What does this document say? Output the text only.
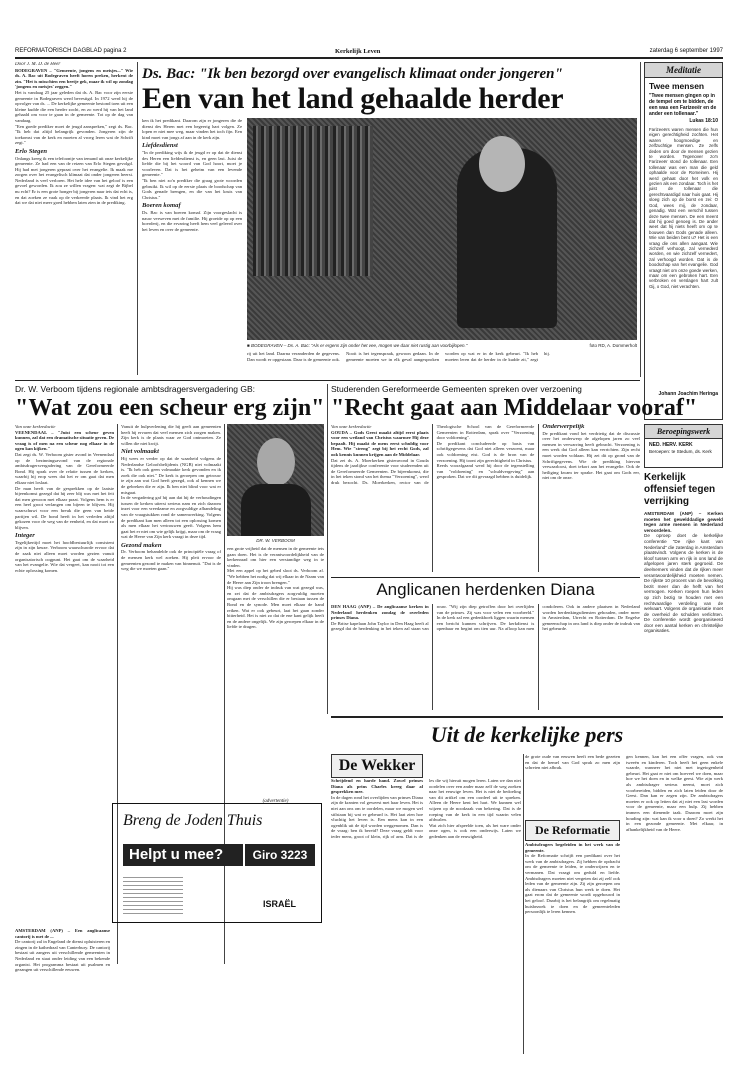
REFORMATORISCH DAGBLAD pagina 2	Kerkelijk Leven	zaterdag 6 september 1997
Door J. M. D. de Heer
BODEGRAVEN – "Gemeente, jongens en meisjes..." Wie ds. A. Bac uit Bodegraven heeft horen preken, herkent de zin. "Het is misschien een beetje gek, maar ik wil op zondag 'jongens en meisjes' zeggen."
Het is vandaag 25 jaar geleden dat ds. A. Bac voor zijn eerste gemeente in Bodegraven werd bevestigd. In 1972 werd hij de opvolger van ds. ... De kerkelijke gemeente bestond toen uit een kleine kudde die een herder zocht, en zo werd hij van het land gehaald om voor te gaan in de gemeente. Tot op de dag van vandaag.
"Een goede prediker moet de jeugd aanspreken," zegt ds. Bac. "Ik heb dat altijd belangrijk gevonden. Jongeren zijn de toekomst van de kerk en moeten al vroeg leren wat de Schrift zegt."
Erlo Stegen
Onlangs kreeg ik een telefoontje van iemand uit onze kerkelijke gemeente. Ze had een van de reizen van Erlo Stegen gevolgd. Hij had met jongeren gepraat over het evangelie. Ik maak me zorgen over het evangelisch klimaat dat onder jongeren heerst. Nederland is veel verloren. Het hele idee van het geloof is een gevoel geworden. Ik zou ze willen vragen: wat zegt de Bijbel nu echt? Er is een grote honger bij jongeren naar iets dat echt is, en dat zoeken ze vaak op de verkeerde plaats. Ik vind het erg dat we dat niet meer goed hebben laten zien in de prediking.
Ds. Bac: "Ik ben bezorgd over evangelisch klimaat onder jongeren"
Een van het land gehaalde herder
ken ik het predikant. Daarom zijn er jongeren die de dienst des Heren met een begeerig hart volgen. Ze lopen er niet mee weg, maar vinden het toch fijn. Een kind moet van jongs af aan in de kerk zijn.
Liefdesdienst
"In de prediking wijs ik de jeugd er op dat de dienst des Heren een liefdesdienst is, en geen last. Juist de liefde die bij het woord van God hoort, moet je voorleven. Dat is het geheim van een levende gemeente."
"Ik ben niet zo'n prediker die graag grote woorden gebruikt. Ik wil op de eerste plaats de boodschap van Gods genade brengen, en die van het kruis van Christus."
Boeren komaf
Ds. Bac is van boeren komaf. Zijn voorgeslacht is nauw verweven met de familie. Hij groeide op op een boerderij, en die ervaring heeft hem veel geleerd over het leven en over de gemeente.
■ BODEGRAVEN – Ds. A. Bac: "Als er ergens zijn onder het vee, mogen we daar niet rustig aan voorbijlopen."	foto RD, A. Dommerholt
rij uit het land. Daarna veranderden de gegevens. Dan wordt er opgestaan. Daar is de gemeente ook. Nooit is het tegenspraak, gewoon gedaan. In de gemeente moeten we in elk geval aangesproken worden op wat er in de kerk gebeurt. "Ik heb moeten leren dat de herder in de kudde zit," zegt hij.
Meditatie
Twee mensen
"Twee mensen gingen op in de tempel om te bidden, de een was een Farizeeër en de ander een tollenaar."
Lukas 18:10
Farizeeërs waren mensen die hun eigen gerechtigheid zochten. Het waren hoogmoedige en zelfzuchtige mensen. Ze zelfs deden om door de mensen gezien te worden. Tegenover zo'n Farizeeër stond de tollenaar. Een tollenaar was een man die geld ophaalde voor de Romeinen. Hij werd gehaat door het volk en gezien als een zondaar. Toch is het juist de tollenaar die gerechtvaardigd naar huis gaat. Hij sloeg zich op de borst en zei: O God, wees mij, de zondaar, genadig. Wat een verschil tussen deze twee mensen. De een meent dat hij goed genoeg is. De ander weet dat hij niets heeft om op te bouwen dan Gods genade alleen. Wie van beiden bent u? Het is een vraag die ons allen aangaat. Wie zichzelf verhoogt, zal vernederd worden, en wie zichzelf vernedert, zal verhoogd worden. Dat is de boodschap van het evangelie. God vraagt niet om onze goede werken, maar om een gebroken hart. Een verbroken en verslagen hart zult Gij, o God, niet verachten.
Johann Joachim Heringa
Beroepingswerk
NED. HERV. KERK
Beroepen: te Stedum, ds. Kerk
Kerkelijk offensief tegen verrijking
AMSTERDAM (ANP) – Kerken moeten het gewelddadige geweld tegen arme mensen in Nederland veroordelen.
De oproep doet de kerkelijke conferentie "De rijke kant van Nederland" die zaterdag in Amsterdam plaatsvindt. Volgens de kerken is de kloof tussen arm en rijk in ons land de afgelopen jaren sterk gegroeid. De deelnemers vinden dat de rijken meer verantwoordelijkheid moeten nemen. De rijkste 10 procent van de bevolking bezit meer dan de helft van het vermogen. Kerken roepen hun leden op zich bezig te houden met een rechtvaardige verdeling van de welvaart. Volgens de organisatie moet de overheid de schulden verlichten. De conferentie wordt georganiseerd door een aantal kerken en christelijke organisaties.
Dr. W. Verboom tijdens regionale ambtsdragersvergadering GB:
"Wat zou een scheur erg zijn"
Van onze kerkredactie
VEENENDAAL – "Juist een scheur geven kunnen, zal dat een dramatische situatie geven. De vraag is of men na een scheur nog elkaar in de ogen kan kijken."
Dat zegt ds. W. Verboom gister avond in Veenendaal op de bezinningsavond van de regionale ambtsdragersvergadering van de Gereformeerde Bond. Hij sprak over de relatie tussen de kerken, waarbij hij erop wees dat het er om gaat dat men elkaar niet loslaat.
De man heeft van de gesprekken op de laatste bijeenkomst gezegd dat hij zeer blij was met het feit dat men gewoon met elkaar praat. Volgens hem is er een heel groot verlangen om bijeen te blijven. Hij waarschuwt voor een breuk die geen van beide partijen wil. De bond heeft in het verleden altijd gekozen voor de weg van de eenheid, en dat moet zo blijven.
Integer
Tegelijkertijd moet het hoofdbestuurlijk consistent zijn in zijn keuze. Verboom waarschuwde ervoor dat de zaak niet alleen moet worden gezien vanuit organisatorisch oogpunt. Het gaat om de waarheid van het evangelie. Wie dat vergeet, kan nooit tot een echte oplossing komen.
Vanuit de hulpverlening die hij geeft aan gemeenten heeft hij ervaren dat veel mensen zich zorgen maken. Zijn kerk is de plaats waar ze God ontmoeten. Ze willen die niet kwijt.
Niet volmaakt
Hij wees er verder op dat de waarheid volgens de Nederlandse Geloofsbelijdenis (NGB) niet volmaakt is. "Ik heb ook geen volmaakte kerk gevonden en ik zoek die ook niet." De kerk is geroepen om getrouw te zijn aan wat God heeft gezegd, ook al kennen we de gebreken die er zijn. Ik ben niet blind voor wat er misgaat.
In de vergadering gaf hij aan dat hij de verhoudingen tussen de kerken uiterst serieus nam en zich daarom inzet voor een vreedzame en zorgvuldige afhandeling van de vraagstukken rond de samenwerking. Volgens de predikant kan men alleen tot een oplossing komen als men elkaar het vertrouwen geeft. Volgens hem gaat het er niet om wie gelijk krijgt, maar om de vraag wat de Heere van Zijn kerk vraagt in deze tijd.
Gezond maken
Dr. Verboom behandelde ook de principiële vraag of de mensen kerk wel zoeken. Hij pleit ervoor de gemeenten gezond te maken van binnenuit. "Dat is de weg die we moeten gaan."
DR. W. VERBOOM
een grote vrijheid dat de mensen in de gemeente iets gaan doen. Het is de verantwoordelijkheid van de kerkenraad om hier een verstandige weg in te vinden.
Met een appel op het gebed sloot ds. Verboom af. "We hebben het nodig dat wij elkaar in de Naam van de Heere aan Zijn troon brengen."
Hij was diep onder de indruk van wat gezegd was, en zei dat de ambtsdragers zorgvuldig moeten omgaan met de verschillen die er bestaan tussen de Bond en de synode. Men moet elkaar de hand reiken. Wat er ook gebeurt, laat het gaan zonder bitterheid. Het is niet zo dat de ene kant gelijk heeft en de andere ongelijk. We zijn geroepen elkaar in de liefde te dragen.
(advertentie)
Studerenden Gereformeerde Gemeenten spreken over verzoening
"Recht gaat aan Middelaar vooraf"
Van onze kerkredactie
GOUDA – Gods Geest maakt altijd eerst plaats voor een wetland van Christus waarmee Hij deze bepaalt. Hij maakt de mens eerst schuldig voor Hem. Wie "streng" zegt bij het recht Gods, zal ook kennis kunnen krijgen aan de Middelaar.
Dat zei ds. A. Moerkerken gisteravond in Gouda tijdens de jaarlijkse conferentie voor studerenden uit de Gereformeerde Gemeenten. De bijeenkomst, die in het teken stond van het thema "Verzoening", werd druk bezocht. Ds. Moerkerken, rector van de Theologische School van de Gereformeerde Gemeenten in Rotterdam, sprak over "Verzoening door voldoening".
De predikant concludeerde op basis van schriftgegevens dat God niet alleen verzoent, maar ook voldoening eist. God is de bron van de verzoening. Hij toont zijn gerechtigheid in Christus.
Reeds voorafgaand werd hij door de tegenstelling van "voldoening" en "schuldvergeving" aan gesproken. Dat we dit gevraagd hebben is duidelijk.
Onderwerpelijk
De predikant vond het verdrietig dat de discussie over het onderwerp de afgelopen jaren zo veel mensen in verwarring heeft gebracht. Verzoening is een werk dat God alleen kan verrichten. Zijn recht moet worden voldaan. Hij zei dit op grond van de Schriftgegevens. Wie de prediking hiervan verwaarloost, doet tekort aan het evangelie. Ook de heiliging kwam ter sprake. Het gaat om Gods eer, niet om de onze.
Anglicanen herdenken Diana
DEN HAAG (ANP) – De anglicaanse kerken in Nederland herdenken zondag de overleden prinses Diana.
De Britse kapelaan John Taylor in Den Haag heeft al gezegd dat de herdenking in het teken zal staan van rouw. "Wij zijn diep getroffen door het overlijden van de prinses. Zij was voor velen een voorbeeld." In de kerk zal een gedenkboek liggen waarin mensen een bericht kunnen schrijven. De kerkdienst is openbaar en begint om tien uur. Na afloop kan men condoleren. Ook in andere plaatsen in Nederland worden herdenkingsdiensten gehouden, onder meer in Amsterdam, Utrecht en Rotterdam. De Engelse gemeenschap in ons land is diep onder de indruk van het gebeurde.
Uit de kerkelijke pers
Breng de Joden Thuis
Helpt u mee?	Giro 3223
ISRAËL
De Wekker
Schrijdend en harde hand. Zowel prinses Diana als prins Charles kreeg daar al gesprekken mee.
In de dagen rond het overlijden van prinses Diana zijn de kranten vol geweest met haar leven. Het is niet aan ons om te oordelen, maar we mogen wel stilstaan bij wat er gebeurd is. Het laat zien hoe vluchtig het leven is. Een mens kan in een ogenblik uit de tijd worden weggenomen. Dan is de vraag: ben ik bereid? Deze vraag geldt voor ieder mens, groot of klein, rijk of arm. Dat is de les die wij hieruit mogen leren. Laten we dan niet oordelen over een ander maar zelf de weg zoeken naar het eeuwige leven. Het is niet de bedoeling van dit artikel om een oordeel uit te spreken. Alleen de Heere kent het hart. We kunnen wel wijzen op de noodzaak van bekering. Dat is de roeping van de kerk in een tijd waarin velen afdwalen.
Wat zich hier afspeelde toen, als het ware onder onze ogen, is ook een onderwijs. Laten we gedenken aan de eeuwigheid.
de grote oude van eeuwen heeft een bede gezeten en dat de hemel van God sprak zo men zijn schreien niet afbrak.
De Reformatie
Ambtsdragers begeleiden in het werk van de gemeente.
In de Reformatie schrijft een predikant over het werk van de ambtsdragers. Zij hebben de opdracht om de gemeente te leiden, te onderwijzen en te vermanen. Dat vraagt om geduld en liefde. Ambtsdragers moeten niet vergeten dat zij zelf ook leden van de gemeente zijn. Zij zijn geroepen om als dienaars van Christus hun werk te doen. Het gaat erom dat de gemeente wordt opgebouwd in het geloof. Daarbij is het belangrijk om regelmatig huisbezoek te doen en de gemeenteleden persoonlijk te leren kennen.
gen kennen, kan het een offer vragen, ook van tweeën en kinderen. Toch heeft het geen enkele waarde, wanneer het niet met ingetogenheid gebeurt. Het gaat er niet om hoeveel we doen, maar hoe we het doen en in welke geest. Wie zijn werk als ambtsdrager serieus neemt, moet zich voorbereiden, bidden en zich laten leiden door de Geest. Dan kan er zegen zijn. De ambtsdragers moeten er ook op letten dat zij niet een last worden voor de gemeente, maar een hulp. Zij hebben immers een dienende taak. Daarom moet zijn houding zijn: wat kan ik voor u doen? Zo werkt het in een gezonde gemeente. Met elkaar, in afhankelijkheid van de Heere.
AMSTERDAM (ANP) – Een anglicaanse cantorij is met de ...
De cantorij zal in Engeland de dienst opluisteren en zingen in de kathedraal van Canterbury. De cantorij bestaat uit zangers uit verschillende gemeenten in Nederland en staat onder leiding van een bekende organist. Het programma bestaat uit psalmen en gezangen uit verschillende eeuwen.
